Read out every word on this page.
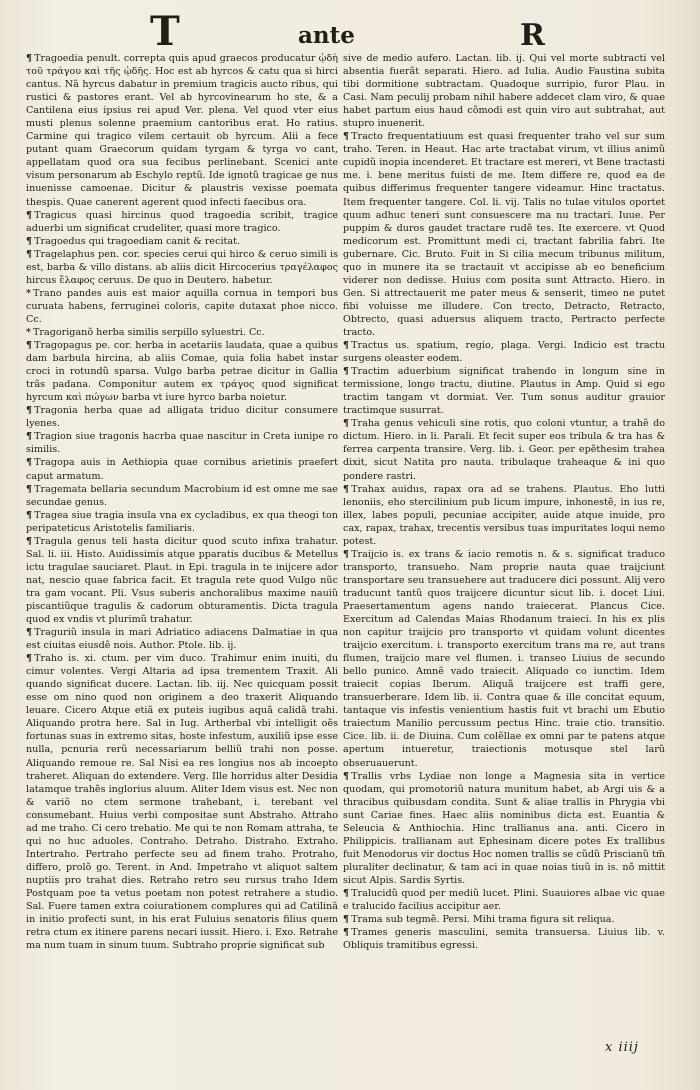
T	ante	R

¶ Tragoedia penult. correpta quis apud graecos producatur ᾠδὴ τοῦ τράγου καὶ τῆς ᾠδῆς. Hoc est ab hyrcos & catu qua si hirci cantus. Nã hyrcus dabatur in premium tragicis aucto ribus, qui rustici & pastores erant. Vel ab hyrcovinearum ho ste, & a Cantilena eius ipsius rei apud Ver. plena. Vel quod vter eius musti plenus solenne praemium cantoribus erat. Ho ratius. Carmine qui tragico vilem certauit ob hyrcum. Alii a fece putant quam Graecorum quidam tyrgam & tyrga vo cant, appellatam quod ora sua fecibus perlinebant. Scenici ante visum personarum ab Eschylo reptũ. Ide ignotũ tragicae ge nus inuenisse camoenae. Dicitur & plaustris vexisse poemata thespis. Quae canerent agerent quod infecti faecibus ora.

¶ Tragicus quasi hircinus quod tragoedia scribit, tragice aduerbi um significat crudeliter, quasi more tragico.

¶ Tragoedus qui tragoediam canit & recitat.

¶ Tragelaphus pen. cor. species cerui qui hirco & ceruo simili is est, barba & villo distans. ab aliis dicit Hircocerius τραγέλαφος hircus ἔλαφος ceruus. De quo in Deutero. habetur.

* Trano pandes auis est maior aquilla cornua in tempori bus curuata habens, ferruginei coloris, capite dutaxat phoe nicco. Cc.

* Tragoriganõ herba similis serpillo syluestri. Cc.

¶ Tragopagus pe. cor. herba in acetariis laudata, quae a quibus dam barbula hircina, ab aliis Comae, quia folia habet instar croci in rotundũ sparsa. Vulgo barba petrae dicitur in Gallia trãs padana. Componitur autem ex τράγος quod significat hyrcum καὶ πώγων barba vt iure hyrco barba noietur.

¶ Tragonia herba quae ad alligata triduo dicitur consumere lyenes.

¶ Tragion siue tragonis hacrba quae nascitur in Creta iunipe ro similis.

¶ Tragopa auis in Aethiopia quae cornibus arietinis praefert caput armatum.

¶ Tragemata bellaria secundum Macrobium id est omne me sae secundae genus.

¶ Tragea siue tragia insula vna ex cycladibus, ex qua theogi ton peripateticus Aristotelis familiaris.

¶ Tragula genus teli hasta dicitur quod scuto infixa trahatur. Sal. li. iii. Histo. Auidissimis atque pparatis ducibus & Metellus ictu tragulae sauciaret. Plaut. in Epi. tragula in te inijcere ador nat, nescio quae fabrica facit. Et tragula rete quod Vulgo nũc tra gam vocant. Pli. Vsus suberis anchoralibus maxime nauiũ piscantiũque tragulis & cadorum obturamentis. Dicta tragula quod ex vndis vt plurimũ trahatur.

¶ Traguriũ insula in mari Adriatico adiacens Dalmatiae in qua est ciuitas eiusdẽ nois. Author. Ptole. lib. ij.

¶ Traho is. xi. ctum. per vim duco. Trahimur enim inuiti, du cimur volentes. Vergi Altaria ad ipsa trementem Traxit. Ali quando significat ducere. Lactan. lib. iij. Nec quicquam possit esse om nino quod non originem a deo traxerit Aliquando leuare. Cicero Atque etiã ex puteis iugibus aquã calidã trahi. Aliquando protra here. Sal in Iug. Artherbal vbi intelligit oẽs fortunas suas in extremo sitas, hoste infestum, auxiliũ ipse esse nulla, pcnuria rerũ necessariarum belliũ trahi non posse. Aliquando remoue re. Sal Nisi ea res longius nos ab incoepto traheret. Aliquan do extendere. Verg. Ille horridus alter Desidia latamque trahẽs inglorius aluum. Aliter Idem visus est. Nec non & variõ no ctem sermone trahebant, i. terebant vel consumebant. Huius verbi compositae sunt Abstraho. Attraho ad me traho. Ci cero trebatio. Me qui te non Romam attraha, te qui no huc aduoles. Contraho. Detraho. Distraho. Extraho. Intertraho. Pertraho perfecte seu ad finem traho. Protraho, differo, prolõ go. Terent. in And. Impetraho vt aliquot saltem nuptiis pro trahat dies. Retraho retro seu rursus traho Idem Postquam poe ta vetus poetam non potest retrahere a studio. Sal. Fuere tamen extra coiurationem complures qui ad Catilinã in initio profecti sunt, in his erat Fuluius senatoris filius quem retra ctum ex itinere parens necari iussit. Hiero. i. Exo. Retrahe ma num tuam in sinum tuum. Subtraho proprie significat sub

sive de medio aufero. Lactan. lib. ij. Qui vel morte subtracti vel absentia fuerãt separati. Hiero. ad Iulia. Audio Faustina subita tibi dormitione subtractam. Quadoque surripio, furor Plau. in Casi. Nam peculij probam nihil habere addecet clam viro, & quae habet partum eius haud cõmodi est quin viro aut subtrahat, aut stupro inuenerit.

¶ Tracto frequentatiuum est quasi frequenter traho vel sur sum traho. Teren. in Heaut. Hac arte tractabat virum, vt illius animũ cupidũ inopia incenderet. Et tractare est mereri, vt Bene tractasti me. i. bene meritus fuisti de me. Item differe re, quod ea de quibus differimus frequenter tangere videamur. Hinc tractatus. Item frequenter tangere. Col. li. vij. Talis no tulae vitulos oportet quum adhuc teneri sunt consuescere ma nu tractari. Iuue. Per puppim & duros gaudet tractare rudẽ tes. Ite exercere. vt Quod medicorum est. Promittunt medi ci, tractant fabrilia fabri. Ite gubernare. Cic. Bruto. Fuit in Si cilia mecum tribunus militum, quo in munere ita se tractauit vt accipisse ab eo beneficium viderer non dedisse. Huius com posita sunt Attracto. Hiero. in Gen. Si attrectauerit me pater meus & senserit, timeo ne putet fibi voluisse me illudere. Con trecto, Detracto, Retracto, Obtrecto, quasi aduersus aliquem tracto, Pertracto perfecte tracto.

¶ Tractus us. spatium, regio, plaga. Vergi. Indicio est tractu surgens oleaster eodem.

¶ Tractim aduerbium significat trahendo in longum sine in termissione, longo tractu, diutine. Plautus in Amp. Quid si ego tractim tangam vt dormiat. Ver. Tum sonus auditur grauior tractimque susurrat.

¶ Traha genus vehiculi sine rotis, quo coloni vtuntur, a trahẽ do dictum. Hiero. in li. Parali. Et fecit super eos tribula & tra has & ferrea carpenta transire. Verg. lib. i. Geor. per epẽthesim trahea dixit, sicut Natita pro nauta. tribulaque traheaque & ini quo pondere rastri.

¶ Trahax auidus, rapax ora ad se trahens. Plautus. Eho lutti lenoniis, eho stercilinium pub licum impure, inhonestẽ, in ius re, illex, labes populi, pecuniae accipiter, auide atque inuide, pro cax, rapax, trahax, trecentis versibus tuas impuritates loqui nemo potest.

¶ Traijcio is. ex trans & iacio remotis n. & s. significat traduco transporto, transueho. Nam proprie nauta quae traijciunt transportare seu transuehere aut traducere dici possunt. Alij vero traducunt tantũ quos traijcere dicuntur sicut lib. i. docet Liui. Praesertamentum agens nando traiecerat. Plancus Cice. Exercitum ad Calendas Maias Rhodanum traieci. In his ex plis non capitur traijcio pro transporto vt quidam volunt dicentes traijcio exercitum. i. transporto exercitum trans ma re, aut trans flumen, traijcio mare vel flumen. i. transeo Liuius de secundo bello punico. Amnẽ vado traiecit. Aliquado co iunctim. Idem traiecit copias Iberum. Aliquã traijcere est traffi gere, transuerberare. Idem lib. ii. Contra quae & ille concitat equum, tantaque vis infestis venientium hastis fuit vt brachi um Ebutio traiectum Manilio percussum pectus Hinc. traie ctio. transitio. Cice. lib. ii. de Diuina. Cum colẽllae ex omni par te patens atque apertum intueretur, traiectionis motusque stel larũ obseruauerunt.

¶ Trallis vrbs Lydiae non longe a Magnesia sita in vertice quodam, qui promotoriũ natura munitum habet, ab Argi uis & a thracibus quibusdam condita. Sunt & aliae trallis in Phrygia vbi sunt Cariae fines. Haec aliis nominibus dicta est. Euantia & Seleucia & Anthiochia. Hinc trallianus ana. anti. Cicero in Philippicis. trallianam aut Ephesinam dicere potes Ex trallibus fuit Menodorus vir doctus Hoc nomen trallis se cũdũ Priscianũ tm̃ pluraliter declinatur, & tam aci in quae noias tiuũ in is. nõ mittit sicut Alpis. Sardis Syrtis.

¶ Tralucidũ quod per mediũ lucet. Plini. Suauiores albae vic quae e tralucido facilius accipitur aer.

¶ Trama sub tegmẽ. Persi. Mihi trama figura sit reliqua.

¶ Trames generis masculini, semita transuersa. Liuius lib. v. Obliquis tramitibus egressi.

x iiij
